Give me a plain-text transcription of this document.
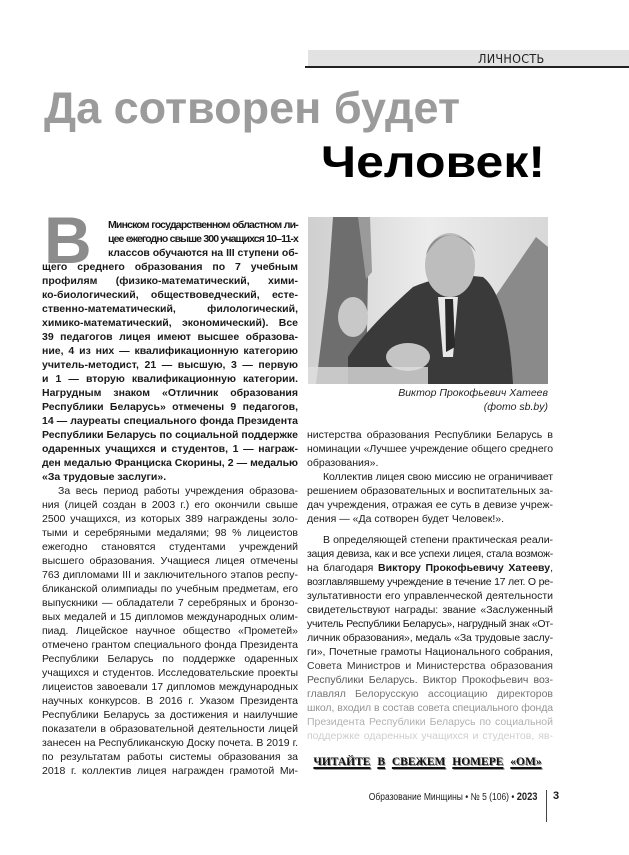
ЛИЧНОСТЬ
Да сотворен будет
Человек!
В	Минском государственном областном ли-
цее ежегодно свыше 300 учащихся 10–11-х
классов обучаются на III ступени об-
щего среднего образования по 7 учебным
профилям (физико-математический, хими-
ко-биологический, обществоведческий, есте-
ственно-математический, филологический,
химико-математический, экономический). Все
39 педагогов лицея имеют высшее образова-
ние, 4 из них — квалификационную категорию
учитель-методист, 21 — высшую, 3 — первую
и 1 — вторую квалификационную категории.
Нагрудным знаком «Отличник образования
Республики Беларусь» отмечены 9 педагогов,
14 — лауреаты специального фонда Президента
Республики Беларусь по социальной поддержке
одаренных учащихся и студентов, 1 — награж-
ден медалью Франциска Скорины, 2 — медалью
«За трудовые заслуги».
За весь период работы учреждения образова-
ния (лицей создан в 2003 г.) его окончили свыше
2500 учащихся, из которых 389 награждены золо-
тыми и серебряными медалями; 98 % лицеистов
ежегодно становятся студентами учреждений
высшего образования. Учащиеся лицея отмечены
763 дипломами III и заключительного этапов респу-
бликанской олимпиады по учебным предметам, его
выпускники — обладатели 7 серебряных и бронзо-
вых медалей и 15 дипломов международных олим-
пиад. Лицейское научное общество «Прометей»
отмечено грантом специального фонда Президента
Республики Беларусь по поддержке одаренных
учащихся и студентов. Исследовательские проекты
лицеистов завоевали 17 дипломов международных
научных конкурсов. В 2016 г. Указом Президента
Республики Беларусь за достижения и наилучшие
показатели в образовательной деятельности лицей
занесен на Республиканскую Доску почета. В 2019 г.
по результатам работы системы образования за
2018 г. коллектив лицея награжден грамотой Ми-
Виктор Прокофьевич Хатеев
(фото sb.by)
нистерства образования Республики Беларусь в
номинации «Лучшее учреждение общего среднего
образования».
Коллектив лицея свою миссию не ограничивает
решением образовательных и воспитательных за-
дач учреждения, отражая ее суть в девизе учреж-
дения — «Да сотворен будет Человек!».
В определяющей степени практическая реали-
зация девиза, как и все успехи лицея, стала возмож-
на благодаря Виктору Прокофьевичу Хатееву,
возглавлявшему учреждение в течение 17 лет. О ре-
зультативности его управленческой деятельности
свидетельствуют награды: звание «Заслуженный
учитель Республики Беларусь», нагрудный знак «От-
личник образования», медаль «За трудовые заслу-
ги», Почетные грамоты Национального собрания,
Совета Министров и Министерства образования
Республики Беларусь. Виктор Прокофьевич воз-
главлял Белорусскую ассоциацию директоров
школ, входил в состав совета специального фонда
Президента Республики Беларусь по социальной
поддержке одаренных учащихся и студентов, яв-
ЧИТАЙТЕ В СВЕЖЕМ НОМЕРЕ «ОМ»
Образование Минщины • № 5 (106) • 2023 3
